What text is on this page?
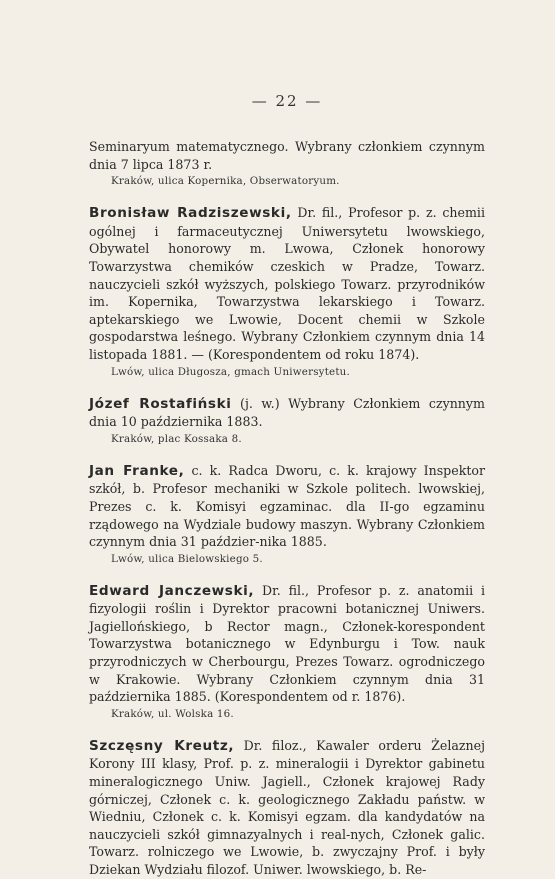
— 22 —

Seminaryum matematycznego. Wybrany członkiem czynnym dnia 7 lipca 1873 r.

Kraków, ulica Kopernika, Obserwatoryum.

Bronisław Radziszewski, Dr. fil., Profesor p. z. chemii ogólnej i farmaceutycznej Uniwersytetu lwowskiego, Obywatel honorowy m. Lwowa, Członek honorowy Towarzystwa chemików czeskich w Pradze, Towarz. nauczycieli szkół wyższych, polskiego Towarz. przyrodników im. Kopernika, Towarzystwa lekarskiego i Towarz. aptekarskiego we Lwowie, Docent chemii w Szkole gospodarstwa leśnego. Wybrany Członkiem czynnym dnia 14 listopada 1881. — (Korespondentem od roku 1874).

Lwów, ulica Długosza, gmach Uniwersytetu.

Józef Rostafiński (j. w.) Wybrany Członkiem czynnym dnia 10 października 1883.

Kraków, plac Kossaka 8.

Jan Franke, c. k. Radca Dworu, c. k. krajowy Inspektor szkół, b. Profesor mechaniki w Szkole politech. lwowskiej, Prezes c. k. Komisyi egzaminac. dla II-go egzaminu rządowego na Wydziale budowy maszyn. Wybrany Członkiem czynnym dnia 31 paździer-nika 1885.

Lwów, ulica Bielowskiego 5.

Edward Janczewski, Dr. fil., Profesor p. z. anatomii i fizyologii roślin i Dyrektor pracowni botanicznej Uniwers. Jagiellońskiego, b Rector magn., Członek-korespondent Towarzystwa botanicznego w Edynburgu i Tow. nauk przyrodniczych w Cherbourgu, Prezes Towarz. ogrodniczego w Krakowie. Wybrany Członkiem czynnym dnia 31 października 1885. (Korespondentem od r. 1876).

Kraków, ul. Wolska 16.

Szczęsny Kreutz, Dr. filoz., Kawaler orderu Żelaznej Korony III klasy, Prof. p. z. mineralogii i Dyrektor gabinetu mineralogicznego Uniw. Jagiell., Członek krajowej Rady górniczej, Członek c. k. geologicznego Zakładu państw. w Wiedniu, Członek c. k. Komisyi egzam. dla kandydatów na nauczycieli szkół gimnazyalnych i real-nych, Członek galic. Towarz. rolniczego we Lwowie, b. zwyczajny Prof. i były Dziekan Wydziału filozof. Uniwer. lwowskiego, b. Re-
